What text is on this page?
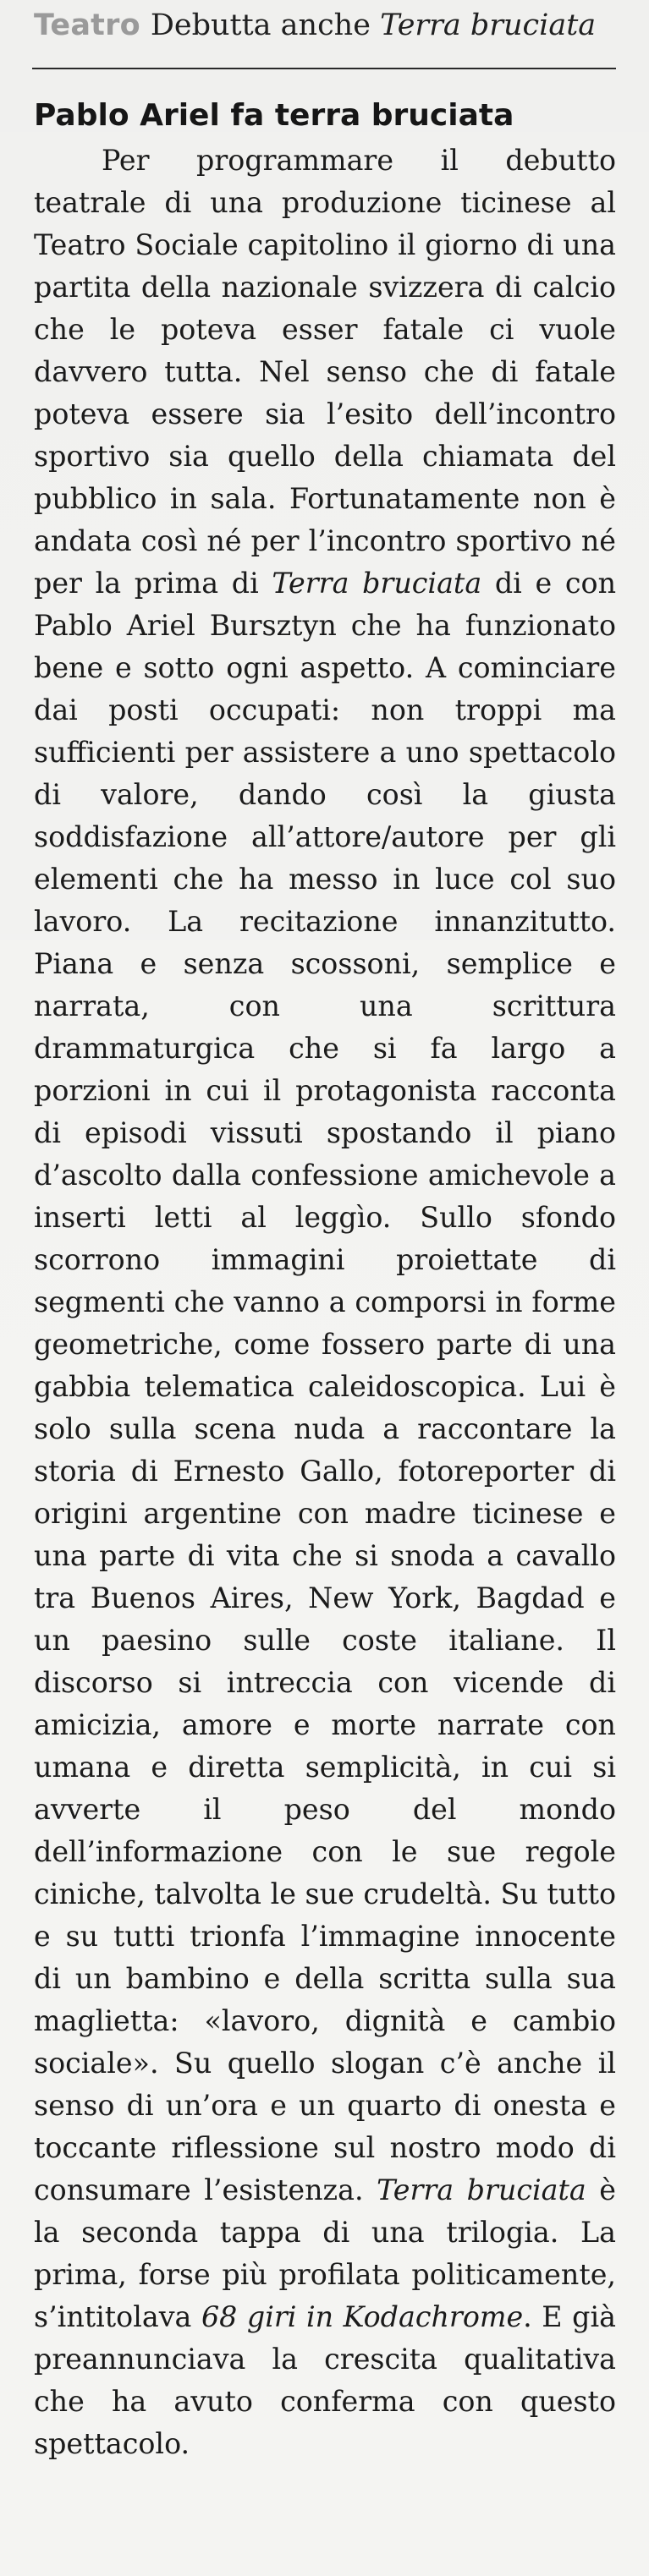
Teatro Debutta anche Terra bruciata
Pablo Ariel fa terra bruciata

Per programmare il debutto teatrale di una produzione ticinese al Teatro Sociale capitolino il giorno di una partita della nazionale svizzera di calcio che le poteva esser fatale ci vuole davvero tutta. Nel senso che di fatale poteva essere sia l’esito dell’incontro sportivo sia quello della chiamata del pubblico in sala. Fortunatamente non è andata così né per l’incontro sportivo né per la prima di Terra bruciata di e con Pablo Ariel Bursztyn che ha funzionato bene e sotto ogni aspetto. A cominciare dai posti occupati: non troppi ma sufficienti per assistere a uno spettacolo di valore, dando così la giusta soddisfazione all’attore/autore per gli elementi che ha messo in luce col suo lavoro. La recitazione innanzitutto. Piana e senza scossoni, semplice e narrata, con una scrittura drammaturgica che si fa largo a porzioni in cui il protagonista racconta di episodi vissuti spostando il piano d’ascolto dalla confessione amichevole a inserti letti al leggìo. Sullo sfondo scorrono immagini proiettate di segmenti che vanno a comporsi in forme geometriche, come fossero parte di una gabbia telematica caleidoscopica. Lui è solo sulla scena nuda a raccontare la storia di Ernesto Gallo, fotoreporter di origini argentine con madre ticinese e una parte di vita che si snoda a cavallo tra Buenos Aires, New York, Bagdad e un paesino sulle coste italiane. Il discorso si intreccia con vicende di amicizia, amore e morte narrate con umana e diretta semplicità, in cui si avverte il peso del mondo dell’informazione con le sue regole ciniche, talvolta le sue crudeltà. Su tutto e su tutti trionfa l’immagine innocente di un bambino e della scritta sulla sua maglietta: «lavoro, dignità e cambio sociale». Su quello slogan c’è anche il senso di un’ora e un quarto di onesta e toccante riflessione sul nostro modo di consumare l’esistenza. Terra bruciata è la seconda tappa di una trilogia. La prima, forse più profilata politicamente, s’intitolava 68 giri in Kodachrome. E già preannunciava la crescita qualitativa che ha avuto conferma con questo spettacolo.
